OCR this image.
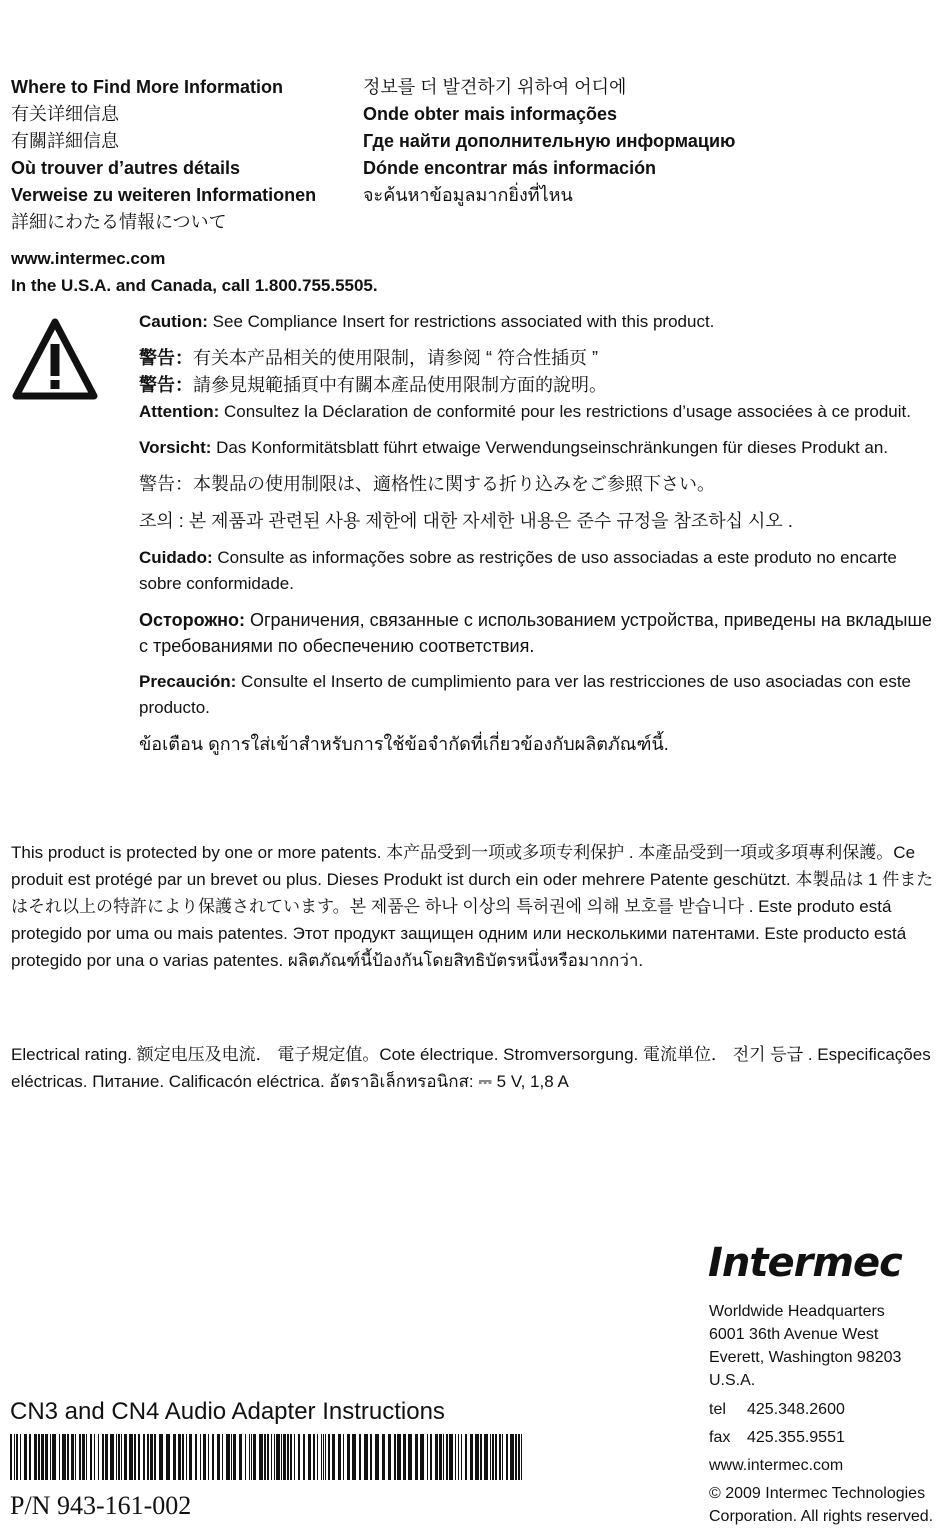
Where to Find More Information
有关详细信息
有關詳細信息
Où trouver d’autres détails
Verweise zu weiteren Informationen
詳細にわたる情報について
정보를 더 발견하기 위하여 어디에
Onde obter mais informações
Где найти дополнительную информацию
Dónde encontrar más información
จะค้นหาข้อมูลมากยิ่งที่ไหน
www.intermec.com
In the U.S.A. and Canada, call 1.800.755.5505.

Caution: See Compliance Insert for restrictions associated with this product.

警告：有关本产品相关的使用限制，请参阅 “ 符合性插页 ”

警告：請參見規範插頁中有關本產品使用限制方面的說明。

Attention: Consultez la Déclaration de conformité pour les restrictions d’usage associées à ce produit.

Vorsicht: Das Konformitätsblatt führt etwaige Verwendungseinschränkungen für dieses Produkt an.

警告：本製品の使用制限は、適格性に関する折り込みをご参照下さい。

조의 : 본 제품과 관련된 사용 제한에 대한 자세한 내용은 준수 규정을 참조하십 시오 .

Cuidado: Consulte as informações sobre as restrições de uso associadas a este produto no encarte sobre conformidade.

Осторожно: Ограничения, связанные с использованием устройства, приведены на вкладыше с требованиями по обеспечению соответствия.

Precaución: Consulte el Inserto de cumplimiento para ver las restricciones de uso asociadas con este producto.

ข้อเตือน ดูการใส่เข้าสำหรับการใช้ข้อจำกัดที่เกี่ยวข้องกับผลิตภัณฑ์นี้.

This product is protected by one or more patents. 本产品受到一项或多项专利保护 . 本產品受到一項或多項專利保護。Ce produit est protégé par un brevet ou plus. Dieses Produkt ist durch ein oder mehrere Patente geschützt. 本製品は 1 件またはそれ以上の特許により保護されています。본 제품은 하나 이상의 특허권에 의해 보호를 받습니다 . Este produto está protegido por uma ou mais patentes. Этот продукт защищен одним или несколькими патентами. Este producto está protegido por una o varias patentes. ผลิตภัณฑ์นี้ป้องกันโดยสิทธิบัตรหนึ่งหรือมากกว่า.
Electrical rating. 额定电压及电流． 電子規定值。Cote électrique. Stromversorgung. 電流単位． 전기 등급 . Especificações eléctricas. Питание. Calificacón eléctrica. อัตราอิเล็กทรอนิกส: ⎓ 5 V, 1,8 A
Intermec
Worldwide Headquarters
6001 36th Avenue West
Everett, Washington 98203
U.S.A.
tel 425.348.2600
fax 425.355.9551
www.intermec.com
© 2009 Intermec Technologies Corporation. All rights reserved.
CN3 and CN4 Audio Adapter Instructions
P/N 943-161-002
